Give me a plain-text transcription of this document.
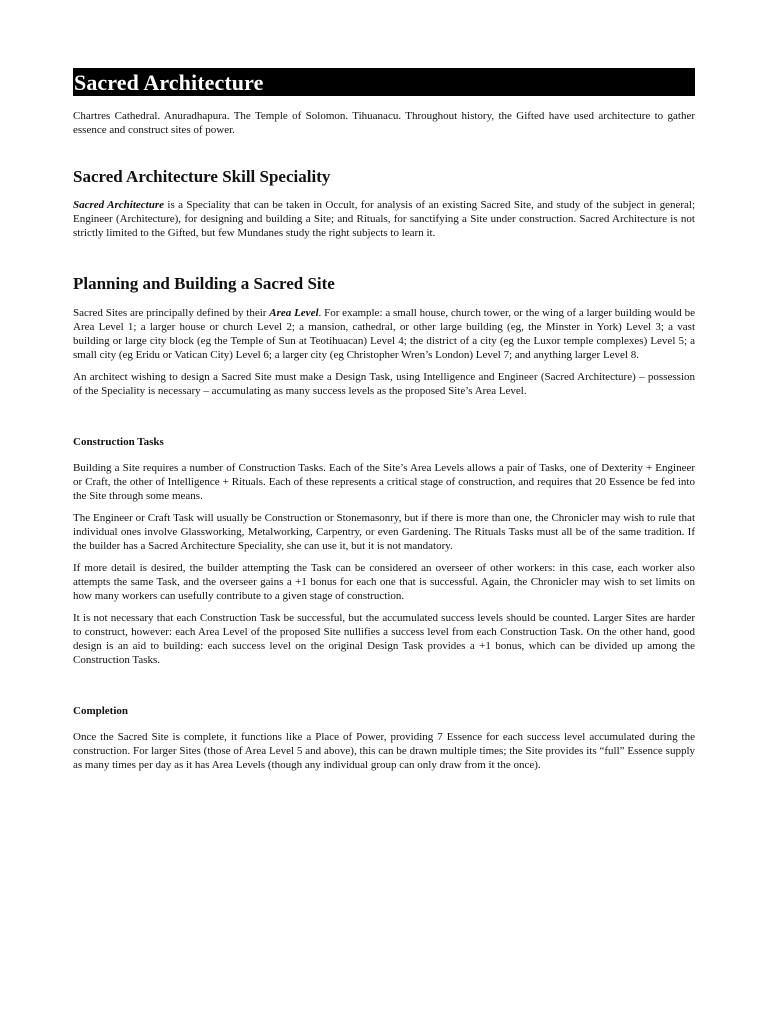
Sacred Architecture

Chartres Cathedral. Anuradhapura. The Temple of Solomon. Tihuanacu. Throughout history, the Gifted have used architecture to gather essence and construct sites of power.

Sacred Architecture Skill Speciality

Sacred Architecture is a Speciality that can be taken in Occult, for analysis of an existing Sacred Site, and study of the subject in general; Engineer (Architecture), for designing and building a Site; and Rituals, for sanctifying a Site under construction. Sacred Architecture is not strictly limited to the Gifted, but few Mundanes study the right subjects to learn it.

Planning and Building a Sacred Site

Sacred Sites are principally defined by their Area Level. For example: a small house, church tower, or the wing of a larger building would be Area Level 1; a larger house or church Level 2; a mansion, cathedral, or other large building (eg, the Minster in York) Level 3; a vast building or large city block (eg the Temple of Sun at Teotihuacan) Level 4; the district of a city (eg the Luxor temple complexes) Level 5; a small city (eg Eridu or Vatican City) Level 6; a larger city (eg Christopher Wren’s London) Level 7; and anything larger Level 8.

An architect wishing to design a Sacred Site must make a Design Task, using Intelligence and Engineer (Sacred Architecture) – possession of the Speciality is necessary – accumulating as many success levels as the proposed Site’s Area Level.

Construction Tasks

Building a Site requires a number of Construction Tasks. Each of the Site’s Area Levels allows a pair of Tasks, one of Dexterity + Engineer or Craft, the other of Intelligence + Rituals. Each of these represents a critical stage of construction, and requires that 20 Essence be fed into the Site through some means.

The Engineer or Craft Task will usually be Construction or Stonemasonry, but if there is more than one, the Chronicler may wish to rule that individual ones involve Glassworking, Metalworking, Carpentry, or even Gardening. The Rituals Tasks must all be of the same tradition. If the builder has a Sacred Architecture Speciality, she can use it, but it is not mandatory.

If more detail is desired, the builder attempting the Task can be considered an overseer of other workers: in this case, each worker also attempts the same Task, and the overseer gains a +1 bonus for each one that is successful. Again, the Chronicler may wish to set limits on how many workers can usefully contribute to a given stage of construction.

It is not necessary that each Construction Task be successful, but the accumulated success levels should be counted. Larger Sites are harder to construct, however: each Area Level of the proposed Site nullifies a success level from each Construction Task. On the other hand, good design is an aid to building: each success level on the original Design Task provides a +1 bonus, which can be divided up among the Construction Tasks.

Completion

Once the Sacred Site is complete, it functions like a Place of Power, providing 7 Essence for each success level accumulated during the construction. For larger Sites (those of Area Level 5 and above), this can be drawn multiple times; the Site provides its “full” Essence supply as many times per day as it has Area Levels (though any individual group can only draw from it the once).
